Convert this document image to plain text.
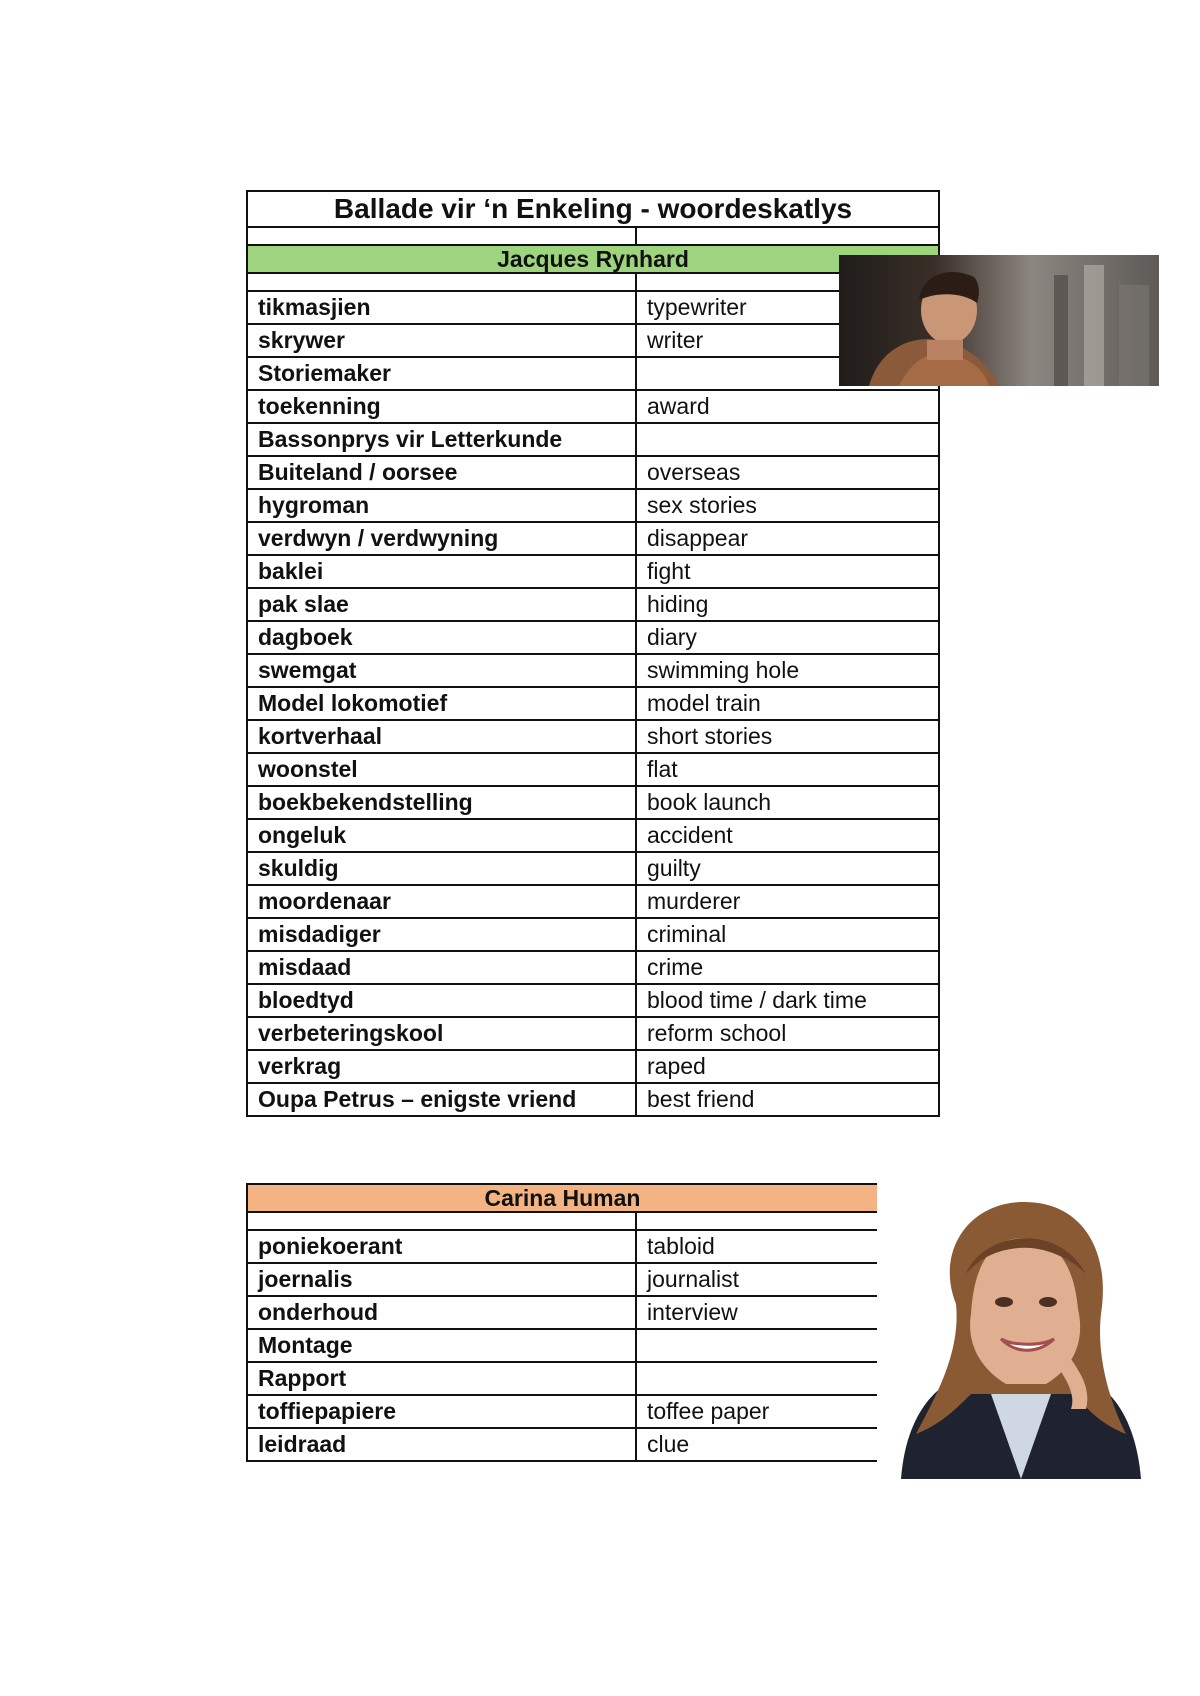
Ballade vir ‘n Enkeling - woordeskatlys	

Jacques Rynhard	

tikmasjien	typewriter
skrywer	writer
Storiemaker	
toekenning	award
Bassonprys vir Letterkunde	
Buiteland / oorsee	overseas
hygroman	sex stories
verdwyn / verdwyning	disappear
baklei	fight
pak slae	hiding
dagboek	diary
swemgat	swimming hole
Model lokomotief	model train
kortverhaal	short stories
woonstel	flat
boekbekendstelling	book launch
ongeluk	accident
skuldig	guilty
moordenaar	murderer
misdadiger	criminal
misdaad	crime
bloedtyd	blood time / dark time
verbeteringskool	reform school
verkrag	raped
Oupa Petrus – enigste vriend	best friend
Carina Human	

poniekoerant	tabloid
joernalis	journalist
onderhoud	interview
Montage	
Rapport	
toffiepapiere	toffee paper
leidraad	clue
